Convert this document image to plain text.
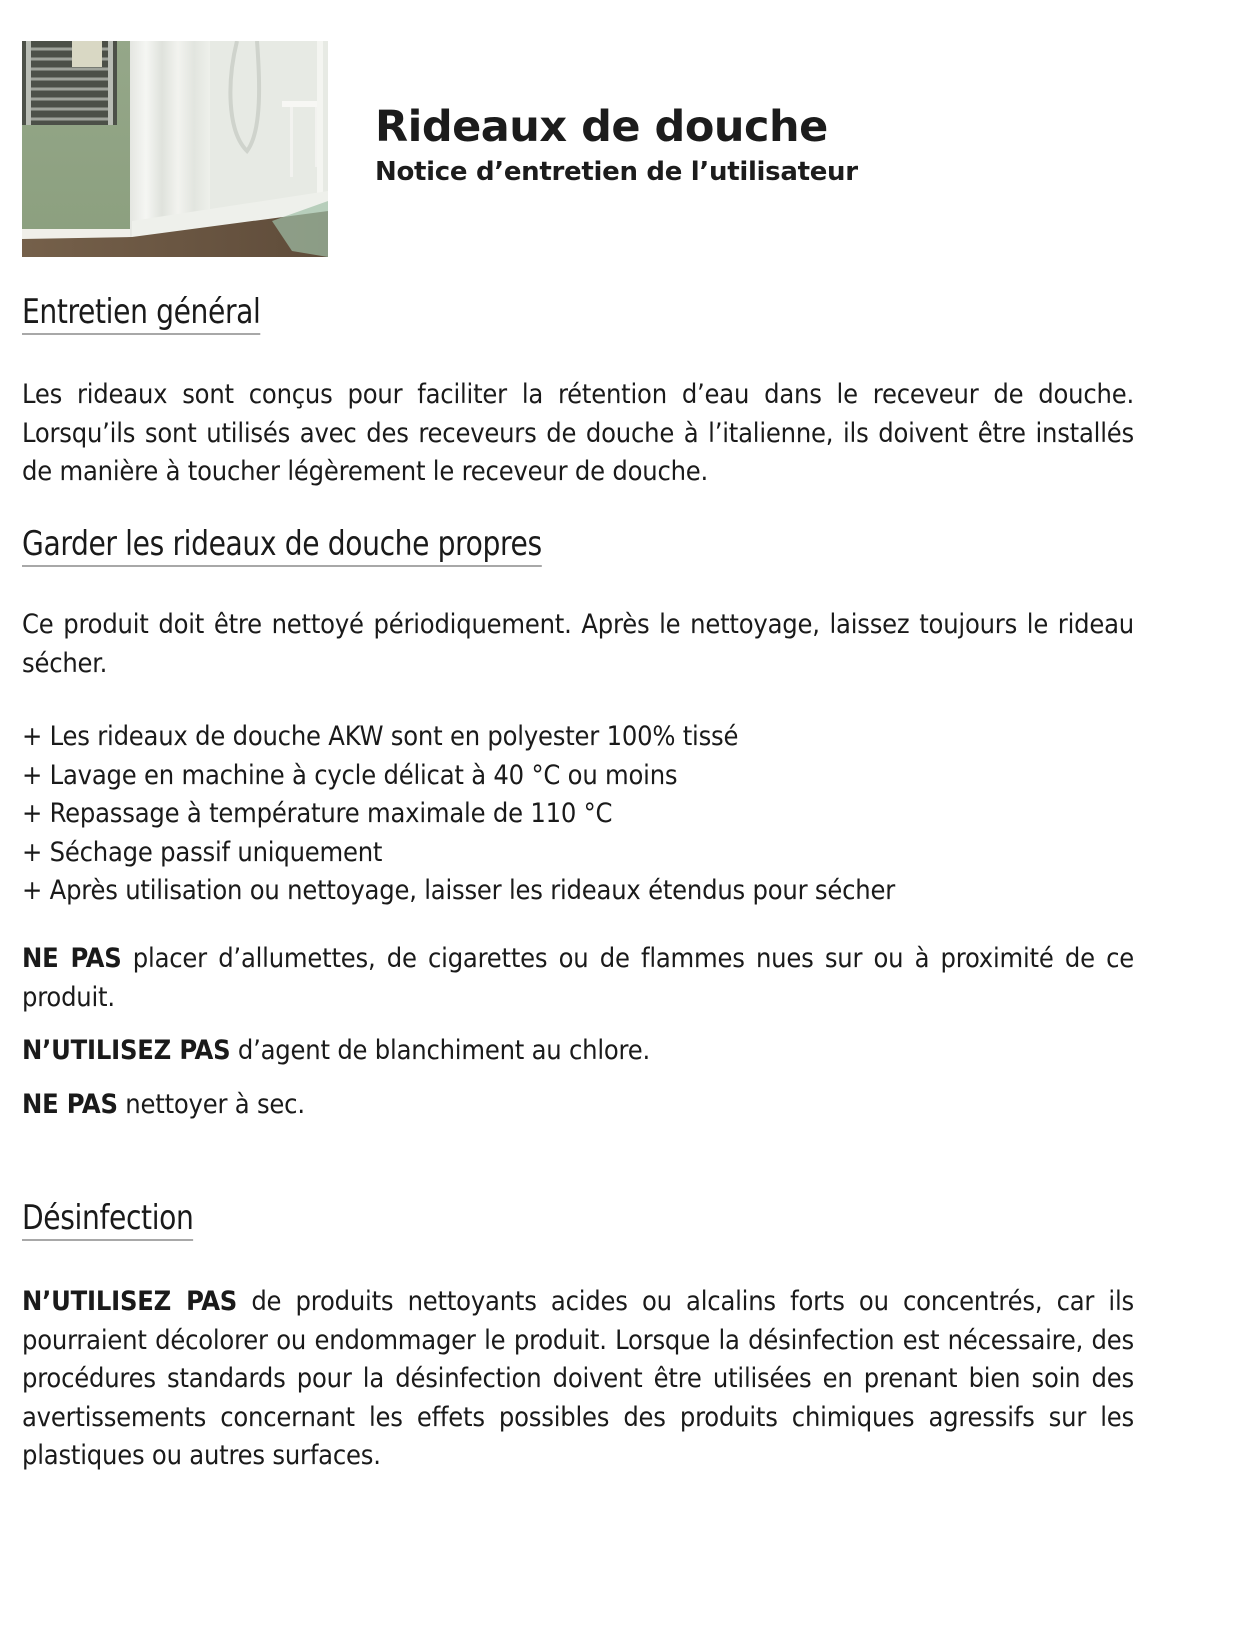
Rideaux de douche
Notice d’entretien de l’utilisateur
Entretien général

Les rideaux sont conçus pour faciliter la rétention d’eau dans le receveur de douche. Lorsqu’ils sont utilisés avec des receveurs de douche à l’italienne, ils doivent être installés de manière à toucher légèrement le receveur de douche.

Garder les rideaux de douche propres

Ce produit doit être nettoyé périodiquement. Après le nettoyage, laissez toujours le rideau sécher.

+ Les rideaux de douche AKW sont en polyester 100% tissé
+ Lavage en machine à cycle délicat à 40 °C ou moins
+ Repassage à température maximale de 110 °C
+ Séchage passif uniquement
+ Après utilisation ou nettoyage, laisser les rideaux étendus pour sécher

NE PAS placer d’allumettes, de cigarettes ou de flammes nues sur ou à proximité de ce produit.

N’UTILISEZ PAS d’agent de blanchiment au chlore.

NE PAS nettoyer à sec.

Désinfection

N’UTILISEZ PAS de produits nettoyants acides ou alcalins forts ou concentrés, car ils pourraient décolorer ou endommager le produit. Lorsque la désinfection est nécessaire, des procédures standards pour la désinfection doivent être utilisées en prenant bien soin des avertissements concernant les effets possibles des produits chimiques agressifs sur les plastiques ou autres surfaces.
